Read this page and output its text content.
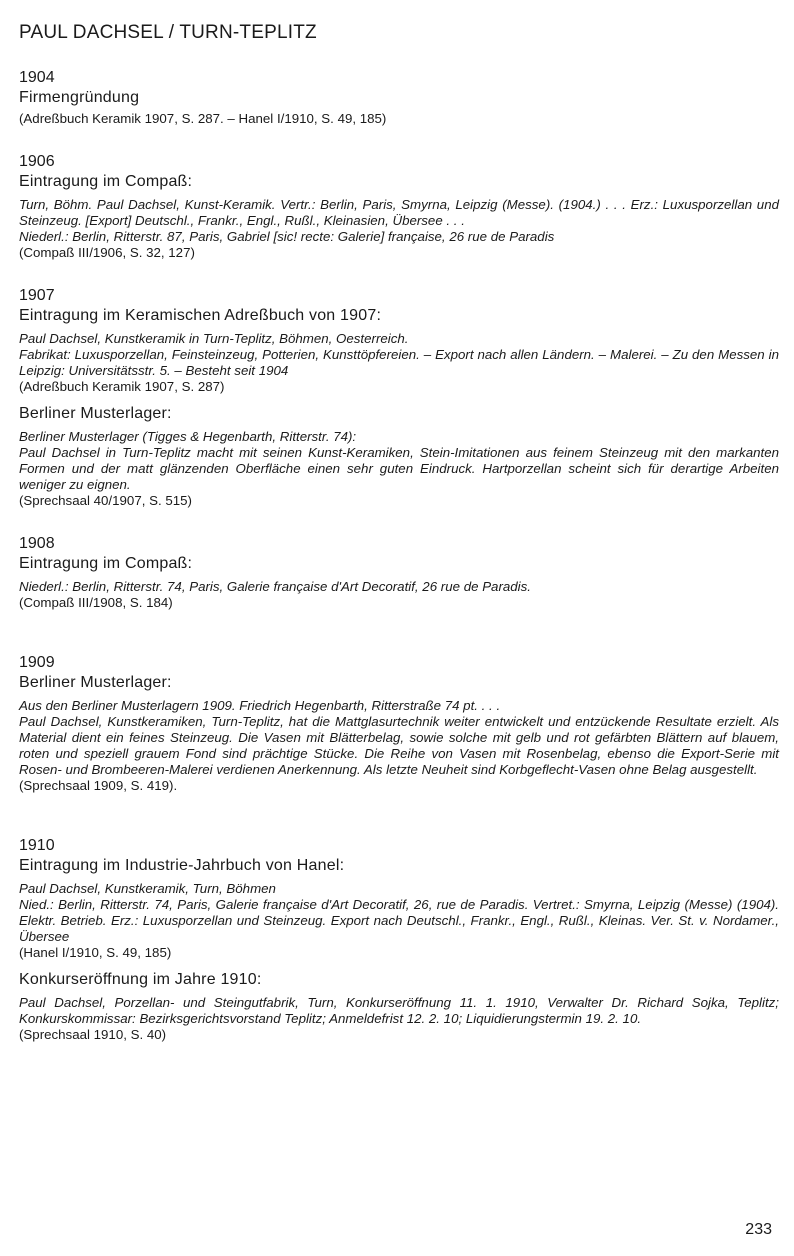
PAUL DACHSEL / TURN-TEPLITZ
1904
Firmengründung
(Adreßbuch Keramik 1907, S. 287. – Hanel I/1910, S. 49, 185)
1906
Eintragung im Compaß:

Turn, Böhm. Paul Dachsel, Kunst-Keramik. Vertr.: Berlin, Paris, Smyrna, Leipzig (Messe). (1904.) . . . Erz.: Luxusporzellan und Steinzeug. [Export] Deutschl., Frankr., Engl., Rußl., Kleinasien, Übersee . . .

Niederl.: Berlin, Ritterstr. 87, Paris, Gabriel [sic! recte: Galerie] française, 26 rue de Paradis

(Compaß III/1906, S. 32, 127)
1907
Eintragung im Keramischen Adreßbuch von 1907:

Paul Dachsel, Kunstkeramik in Turn-Teplitz, Böhmen, Oesterreich.

Fabrikat: Luxusporzellan, Feinsteinzeug, Potterien, Kunsttöpfereien. – Export nach allen Ländern. – Malerei. – Zu den Messen in Leipzig: Universitätsstr. 5. – Besteht seit 1904

(Adreßbuch Keramik 1907, S. 287)
Berliner Musterlager:

Berliner Musterlager (Tigges & Hegenbarth, Ritterstr. 74):

Paul Dachsel in Turn-Teplitz macht mit seinen Kunst-Keramiken, Stein-Imitationen aus feinem Steinzeug mit den markanten Formen und der matt glänzenden Oberfläche einen sehr guten Eindruck. Hartporzellan scheint sich für derartige Arbeiten weniger zu eignen.

(Sprechsaal 40/1907, S. 515)
1908
Eintragung im Compaß:

Niederl.: Berlin, Ritterstr. 74, Paris, Galerie française d'Art Decoratif, 26 rue de Paradis.

(Compaß III/1908, S. 184)
1909
Berliner Musterlager:

Aus den Berliner Musterlagern 1909. Friedrich Hegenbarth, Ritterstraße 74 pt. . . .

Paul Dachsel, Kunstkeramiken, Turn-Teplitz, hat die Mattglasurtechnik weiter entwickelt und entzückende Resultate erzielt. Als Material dient ein feines Steinzeug. Die Vasen mit Blätterbelag, sowie solche mit gelb und rot gefärbten Blättern auf blauem, roten und speziell grauem Fond sind prächtige Stücke. Die Reihe von Vasen mit Rosenbelag, ebenso die Export-Serie mit Rosen- und Brombeeren-Malerei verdienen Anerkennung. Als letzte Neuheit sind Korbgeflecht-Vasen ohne Belag ausgestellt.

(Sprechsaal 1909, S. 419).
1910
Eintragung im Industrie-Jahrbuch von Hanel:

Paul Dachsel, Kunstkeramik, Turn, Böhmen

Nied.: Berlin, Ritterstr. 74, Paris, Galerie française d'Art Decoratif, 26, rue de Paradis. Vertret.: Smyrna, Leipzig (Messe) (1904). Elektr. Betrieb. Erz.: Luxusporzellan und Steinzeug. Export nach Deutschl., Frankr., Engl., Rußl., Kleinas. Ver. St. v. Nordamer., Übersee

(Hanel I/1910, S. 49, 185)
Konkurseröffnung im Jahre 1910:

Paul Dachsel, Porzellan- und Steingutfabrik, Turn, Konkurseröffnung 11. 1. 1910, Verwalter Dr. Richard Sojka, Teplitz; Konkurskommissar: Bezirksgerichtsvorstand Teplitz; Anmeldefrist 12. 2. 10; Liquidierungstermin 19. 2. 10.

(Sprechsaal 1910, S. 40)
233
